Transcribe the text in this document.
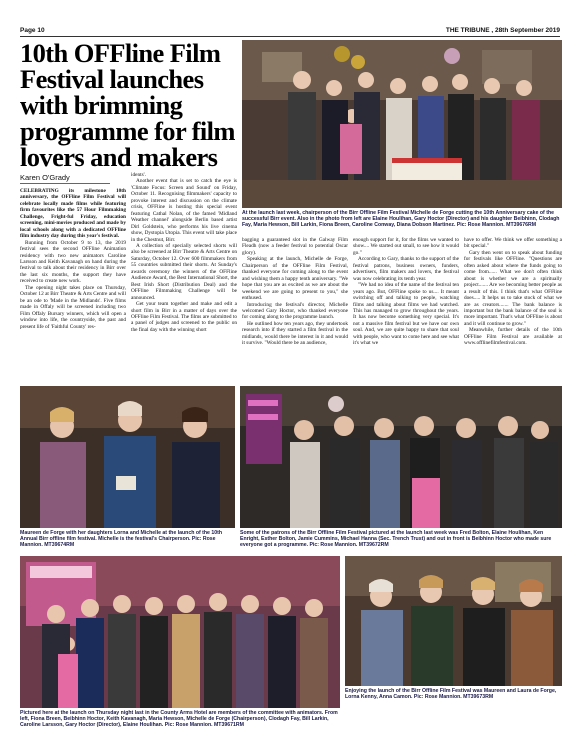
Page 10	THE TRIBUNE , 28th September 2019
10th OFFline Film Festival launches with brimming programme for film lovers and makers
Karen O'Grady

CELEBRATING its milestone 10th anniversary, the OFFline Film Festival will celebrate locally made films while featuring firm favourites like the 57 Hour Filmmaking Challenge, Fright-ful Friday, education screening, mini-movies produced and made by local schools along with a dedicated OFFline film industry day during this year's festival.

Running from October 9 to 13, the 2019 festival sees the second OFFline Animation residency with two new animators Caroline Larsson and Keith Kavanagh on hand during the festival to talk about their residency in Birr over the last six months, the support they have received to create new work.

The opening night takes place on Thursday, October 12 at Birr Theatre & Arts Centre and will be an ode to 'Made in the Midlands'. Five films made in Offaly will be screened including two Film Offaly Bursary winners, which will open a window into life, the countryside, the past and present life of 'Faithful County' res-

idents'.

Another event that is set to catch the eye is 'Climate Focus: Screen and Sound' on Friday, October 11. Recognising filmmakers' capacity to provoke interest and discussion on the climate crisis, OFFline is hosting this special event featuring Cathal Nolan, of the famed 'Midland Weather channel' alongside Berlin based artist Dirl Goldstein, who performs his live cinema show, Dystopia Utopia. This event will take place in the Chestnut, Birr.

A collection of specially selected shorts will also be screened at Birr Theatre & Arts Centre on Saturday, October 12. Over 600 filmmakers from 55 countries submitted their shorts. At Sunday's awards ceremony the winners of the OFFline Audience Award, the Best International Short, the Best Irish Short (Distribution Deal) and the OFFline Filmmaking Challenge will be announced.

Get your team together and make and edit a short film in Birr in a matter of days over the OFFline Film Festival. The films are submitted to a panel of judges and screened to the public on the final day with the winning short

bagging a guaranteed slot in the Galway Film Fleadh (now a feeder festival to potential Oscar glory).

Speaking at the launch, Michelle de Forge, Chairperson of the OFFline Film Festival, thanked everyone for coming along to the event and wishing them a happy tenth anniversary. "We hope that you are as excited as we are about the weekend we are going to present to you," she enthused.

Introducing the festival's director, Michelle welcomed Gary Hoctor, who thanked everyone for coming along to the programme launch.

He outlined how ten years ago, they undertook research into if they started a film festival in the midlands, would there be interest in it and would it survive. "Would there be an audience,

enough support for it, for the films we wanted to show.... We started out small, to see how it would go."

According to Gary, thanks to the support of the festival patrons, business owners, funders, advertisers, film makers and lovers, the festival was now celebrating its tenth year.

"We had no idea of the name of the festival ten years ago. But, OFFline spoke to us.... It meant switching off and talking to people, watching films and talking about films we had watched. This has managed to grow throughout the years. It has now become something very special. It's not a massive film festival but we have our own soul. And, we are quite happy to share that soul with people, who want to come here and see what it's what we

have to offer. We think we offer something a bit special."

Gary then went on to speak about funding for festivals like OFFline. "Questions are often asked about where the funds going to come from...... What we don't often think about is whether we are a spiritually project....... Are we becoming better people as a result of this. I think that's what OFFline does..... It helps us to take stock of what we are as creators....... The bank balance is important but the bank balance of the soul is more important. That's what OFFline is about and it will continue to grow."

Meanwhile, further details of the 10th OFFline Film Festival are available at www.offlinefilmfestival.com.

At the launch last week, chairperson of the Birr Offline Film Festival Michelle de Forge cutting the 10th Anniversary cake of the successful Birr event. Also in the photo from left are Elaine Houlihan, Gary Hoctor (Director) and his daughter Beibhinn, Clodagh Fay, Maria Hewson, Bill Larkin, Fiona Breen, Caroline Conway, Diana Dobson Martinez. Pic: Rose Mannion. MT39676RM
Maureen de Forge with her daughters Lorna and Michelle at the launch of the 10th Annual Birr offline film festival. Michelle is the festival's Chairperson. Pic: Rose Mannion. MT39674RM
Some of the patrons of the Birr Offline Film Festival pictured at the launch last week was Fred Bolton, Elaine Houlihan, Ken Enright, Esther Bolton, Jamie Cummins, Michael Hanna (Sec. Trench Trust) and out in front is Beibhinn Hoctor who made sure everyone got a programme. Pic: Rose Mannion. MT39672RM
Pictured here at the launch on Thursday night last in the County Arms Hotel are members of the committee with animators. From left, Fiona Breen, Beibhinn Hoctor, Keith Kavanagh, Maria Hewson, Michelle de Forge (Chairperson), Clodagh Fay, Bill Larkin, Caroline Larsson, Gary Hoctor (Director), Elaine Houlihan. Pic: Rose Mannion. MT39671RM
Enjoying the launch of the Birr Offline Film Festival was Maureen and Laura de Forge, Lorna Kenny, Anna Camon. Pic: Rose Mannion. MT39673RM
